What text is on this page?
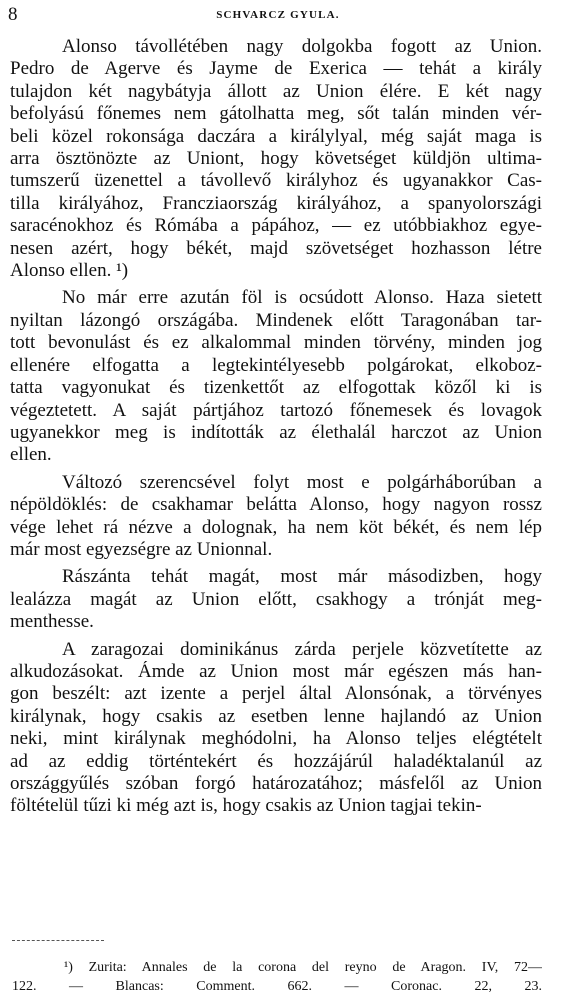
8	SCHVARCZ GYULA.
Alonso távollétében nagy dolgokba fogott az Union.
Pedro de Agerve és Jayme de Exerica — tehát a király
tulajdon két nagybátyja állott az Union élére. E két nagy
befolyású főnemes nem gátolhatta meg, sőt talán minden vér-
beli közel rokonsága daczára a királylyal, még saját maga is
arra ösztönözte az Uniont, hogy követséget küldjön ultima-
tumszerű üzenettel a távollevő királyhoz és ugyanakkor Cas-
tilla királyához, Francziaország királyához, a spanyolországi
saracénokhoz és Rómába a pápához, — ez utóbbiakhoz egye-
nesen azért, hogy békét, majd szövetséget hozhasson létre
Alonso ellen. ¹)
No már erre azután föl is ocsúdott Alonso. Haza sietett
nyiltan lázongó országába. Mindenek előtt Taragonában tar-
tott bevonulást és ez alkalommal minden törvény, minden jog
ellenére elfogatta a legtekintélyesebb polgárokat, elkoboz-
tatta vagyonukat és tizenkettőt az elfogottak közől ki is
végeztetett. A saját pártjához tartozó főnemesek és lovagok
ugyanekkor meg is indították az élethalál harczot az Union
ellen.
Változó szerencsével folyt most e polgárháborúban a
népöldöklés: de csakhamar belátta Alonso, hogy nagyon rossz
vége lehet rá nézve a dolognak, ha nem köt békét, és nem lép
már most egyezségre az Unionnal.
Rászánta tehát magát, most már másodizben, hogy
lealázza magát az Union előtt, csakhogy a trónját meg-
menthesse.
A zaragozai dominikánus zárda perjele közvetítette az
alkudozásokat. Ámde az Union most már egészen más han-
gon beszélt: azt izente a perjel által Alonsónak, a törvényes
királynak, hogy csakis az esetben lenne hajlandó az Union
neki, mint királynak meghódolni, ha Alonso teljes elégtételt
ad az eddig történtekért és hozzájárúl haladéktalanúl az
országgyűlés szóban forgó határozatához; másfelől az Union
föltételül tűzi ki még azt is, hogy csakis az Union tagjai tekin-
¹) Zurita: Annales de la corona del reyno de Aragon. IV, 72—
122. — Blancas: Comment. 662. — Coronac. 22, 23.
